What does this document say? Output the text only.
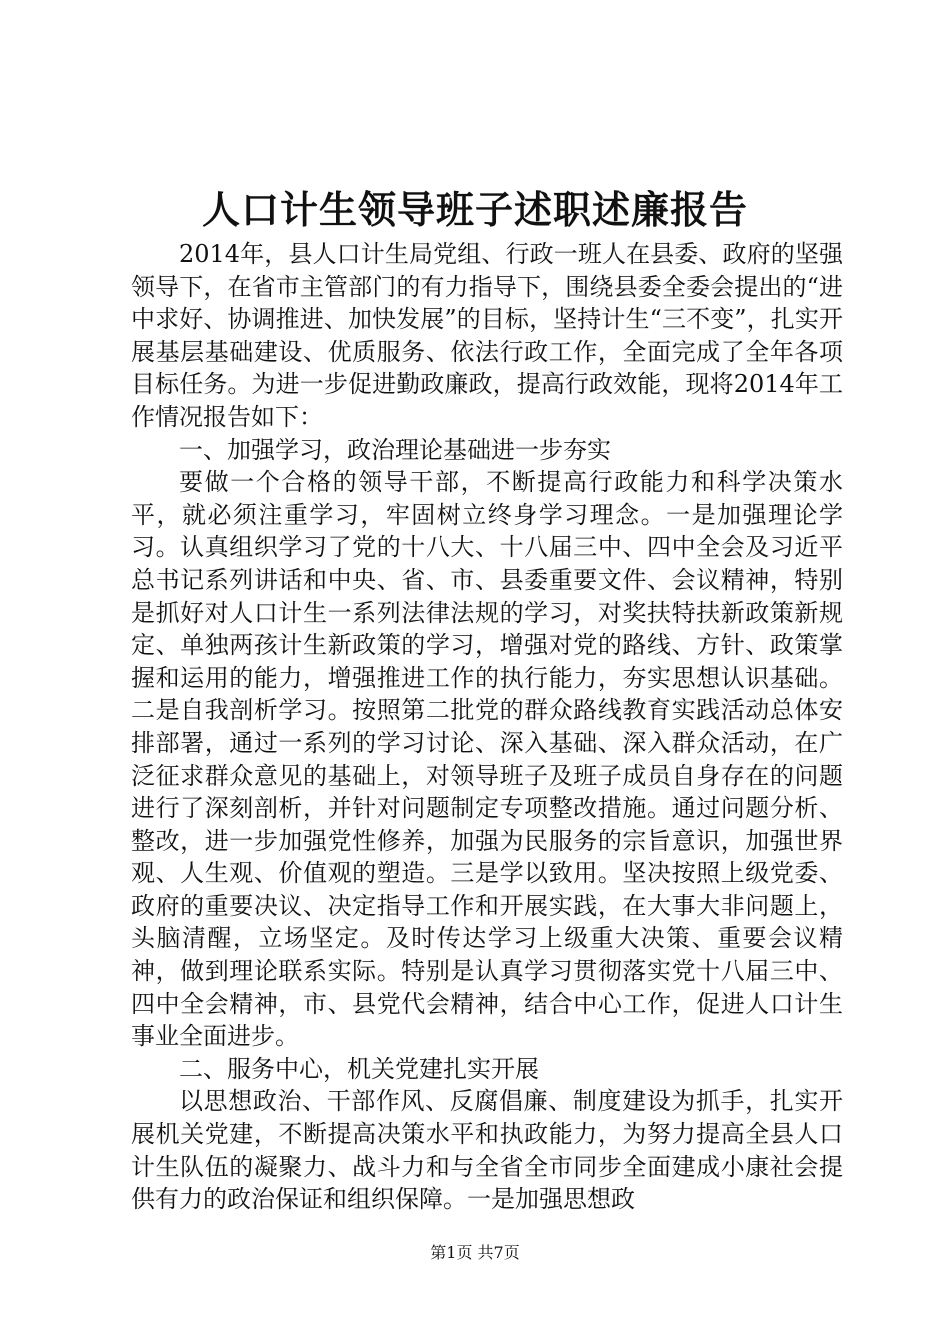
人口计生领导班子述职述廉报告

2014年，县人口计生局党组、行政一班人在县委、政府的坚强领导下，在省市主管部门的有力指导下，围绕县委全委会提出的“进中求好、协调推进、加快发展”的目标，坚持计生“三不变”，扎实开展基层基础建设、优质服务、依法行政工作，全面完成了全年各项目标任务。为进一步促进勤政廉政，提高行政效能，现将2014年工作情况报告如下：

一、加强学习，政治理论基础进一步夯实

要做一个合格的领导干部，不断提高行政能力和科学决策水平，就必须注重学习，牢固树立终身学习理念。一是加强理论学习。认真组织学习了党的十八大、十八届三中、四中全会及习近平总书记系列讲话和中央、省、市、县委重要文件、会议精神，特别是抓好对人口计生一系列法律法规的学习，对奖扶特扶新政策新规定、单独两孩计生新政策的学习，增强对党的路线、方针、政策掌握和运用的能力，增强推进工作的执行能力，夯实思想认识基础。二是自我剖析学习。按照第二批党的群众路线教育实践活动总体安排部署，通过一系列的学习讨论、深入基础、深入群众活动，在广泛征求群众意见的基础上，对领导班子及班子成员自身存在的问题进行了深刻剖析，并针对问题制定专项整改措施。通过问题分析、整改，进一步加强党性修养，加强为民服务的宗旨意识，加强世界观、人生观、价值观的塑造。三是学以致用。坚决按照上级党委、政府的重要决议、决定指导工作和开展实践，在大事大非问题上，头脑清醒，立场坚定。及时传达学习上级重大决策、重要会议精神，做到理论联系实际。特别是认真学习贯彻落实党十八届三中、四中全会精神，市、县党代会精神，结合中心工作，促进人口计生事业全面进步。

二、服务中心，机关党建扎实开展

以思想政治、干部作风、反腐倡廉、制度建设为抓手，扎实开展机关党建，不断提高决策水平和执政能力，为努力提高全县人口计生队伍的凝聚力、战斗力和与全省全市同步全面建成小康社会提供有力的政治保证和组织保障。一是加强思想政

第1页 共7页
